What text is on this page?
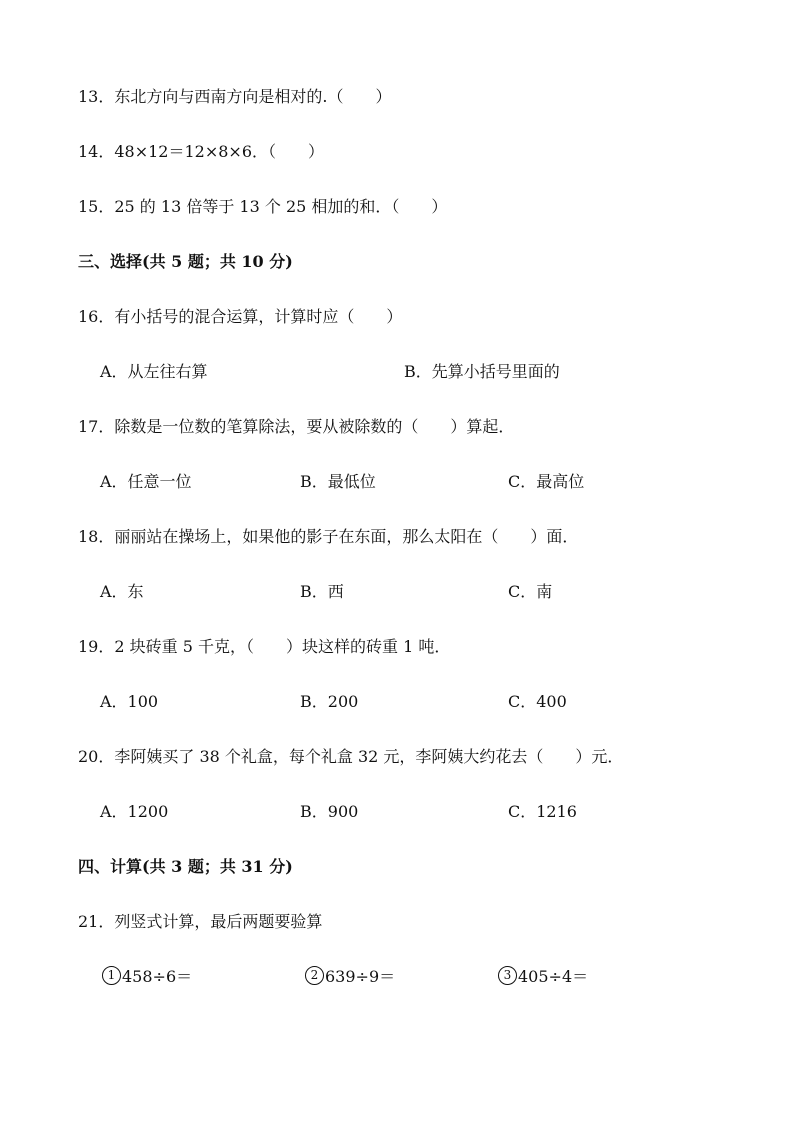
13．东北方向与西南方向是相对的.（　　）
14．48×12＝12×8×6．（　　）
15．25 的 13 倍等于 13 个 25 相加的和．（　　）
三、选择(共 5 题；共 10 分)
16．有小括号的混合运算，计算时应（　　）
A．从左往右算	B．先算小括号里面的
17．除数是一位数的笔算除法，要从被除数的（　　）算起．
A．任意一位	B．最低位	C．最高位
18．丽丽站在操场上，如果他的影子在东面，那么太阳在（　　）面．
A．东	B．西	C．南
19．2 块砖重 5 千克，（　　）块这样的砖重 1 吨．
A．100	B．200	C．400
20．李阿姨买了 38 个礼盒，每个礼盒 32 元，李阿姨大约花去（　　）元．
A．1200	B．900	C．1216
四、计算(共 3 题；共 31 分)
21．列竖式计算，最后两题要验算
1 458÷6＝	2 639÷9＝	3 405÷4＝
